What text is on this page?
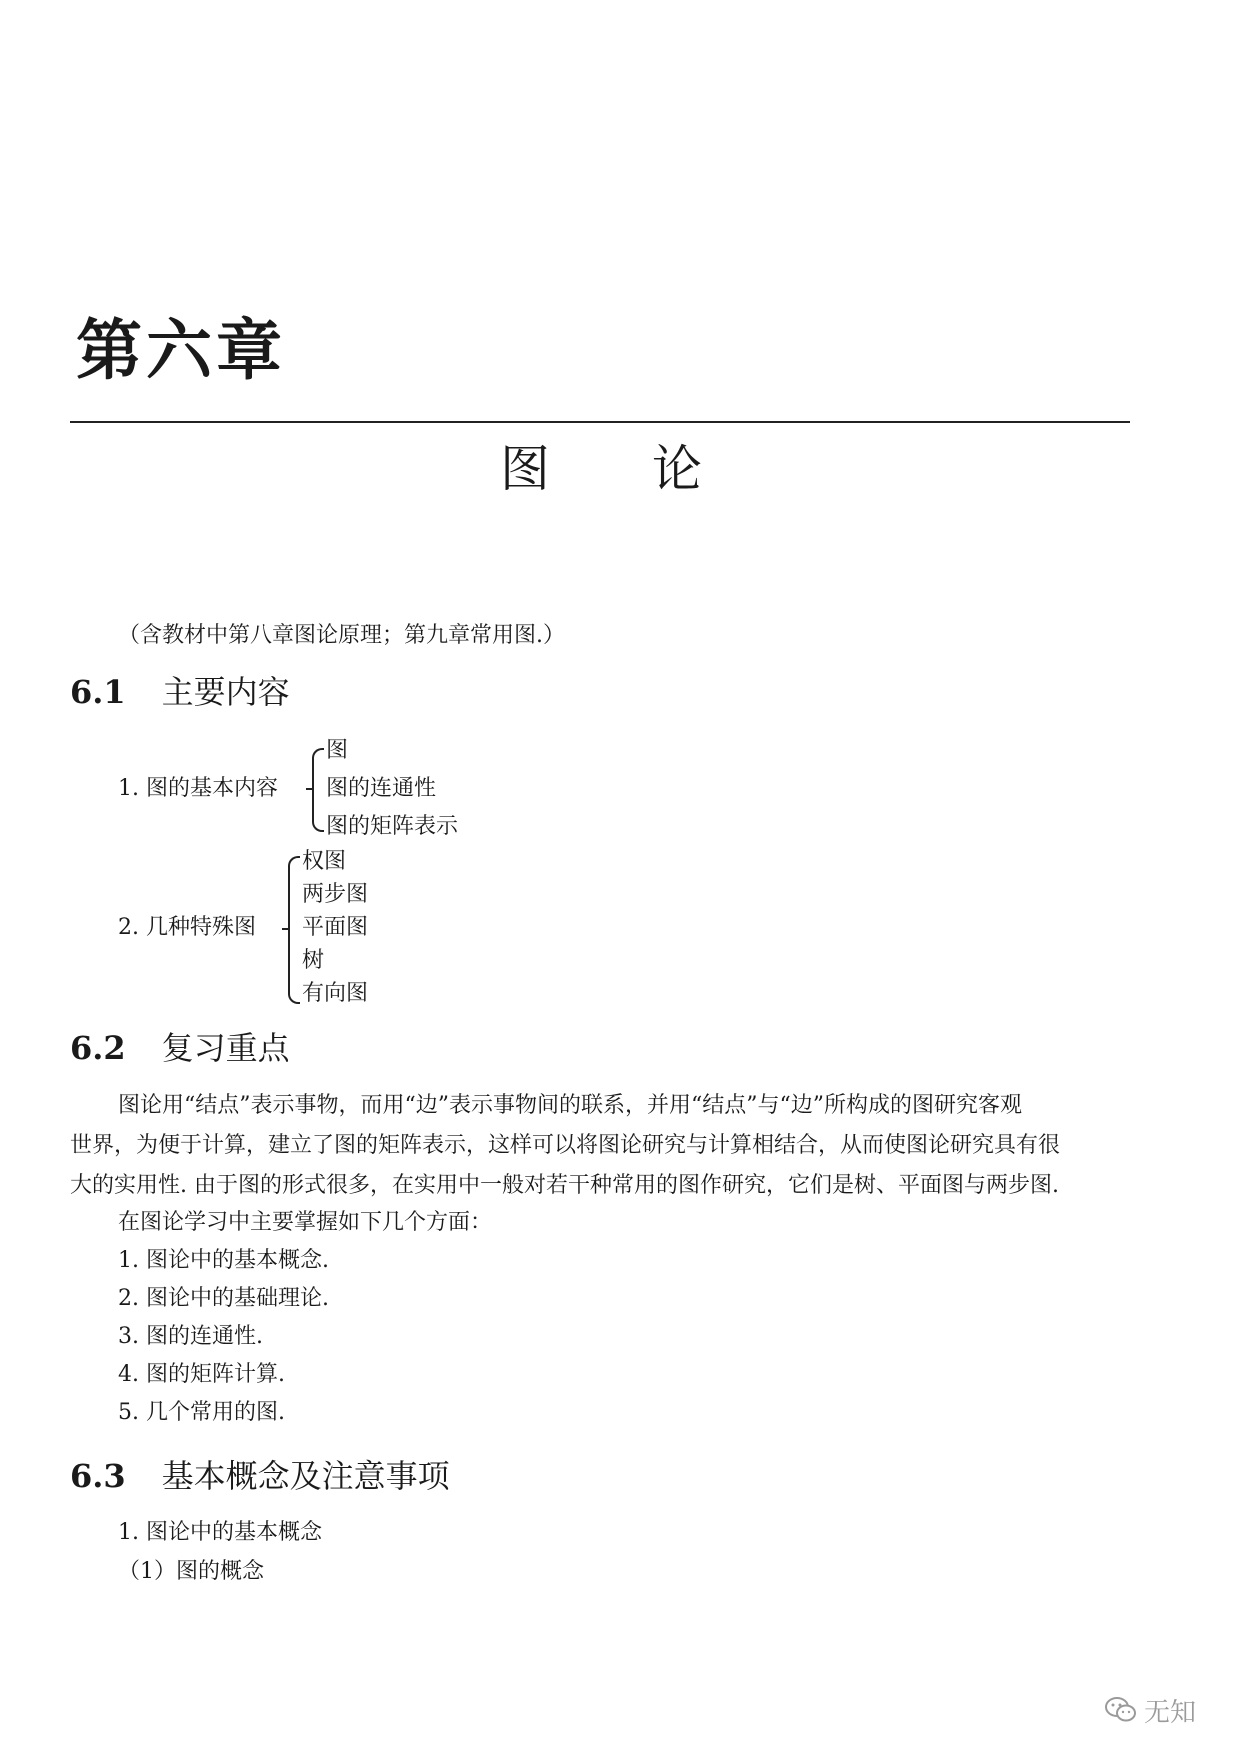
第六章
图 论
（含教材中第八章图论原理；第九章常用图.）
6.1 主要内容
1. 图的基本内容
图
图的连通性
图的矩阵表示
2. 几种特殊图
权图
两步图
平面图
树
有向图
6.2 复习重点
图论用“结点”表示事物，而用“边”表示事物间的联系，并用“结点”与“边”所构成的图研究客观
世界，为便于计算，建立了图的矩阵表示，这样可以将图论研究与计算相结合，从而使图论研究具有很
大的实用性. 由于图的形式很多，在实用中一般对若干种常用的图作研究，它们是树、平面图与两步图.
在图论学习中主要掌握如下几个方面：
1. 图论中的基本概念.
2. 图论中的基础理论.
3. 图的连通性.
4. 图的矩阵计算.
5. 几个常用的图.
6.3 基本概念及注意事项
1. 图论中的基本概念
（1）图的概念
无知
